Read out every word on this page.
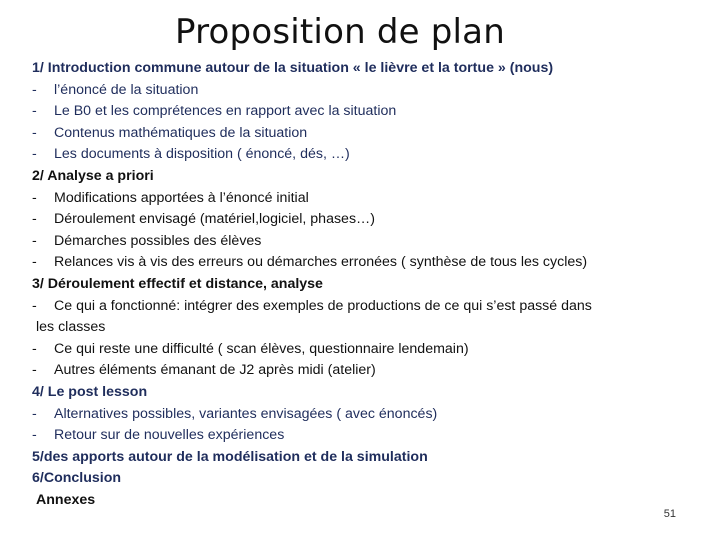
Proposition de plan
1/ Introduction commune autour de la situation « le lièvre et la tortue » (nous)
-	l’énoncé de la situation
-	Le B0 et les comprétences en rapport avec la situation
-	Contenus mathématiques de la situation
-	Les documents à disposition ( énoncé, dés, …)
2/ Analyse a priori
-	Modifications apportées à l’énoncé initial
-	Déroulement envisagé (matériel,logiciel, phases…)
-	Démarches possibles des élèves
-	Relances vis à vis des erreurs ou démarches erronées ( synthèse de tous les cycles)
3/ Déroulement effectif et distance, analyse
-	Ce qui a fonctionné: intégrer des exemples de productions de ce qui s’est passé dans
les classes
-	Ce qui reste une difficulté ( scan élèves, questionnaire lendemain)
-	Autres éléments émanant de J2 après midi (atelier)
4/ Le post lesson
-	Alternatives possibles, variantes envisagées ( avec énoncés)
-	Retour sur de nouvelles expériences
5/des apports autour de la modélisation et de la simulation
6/Conclusion
Annexes
51
